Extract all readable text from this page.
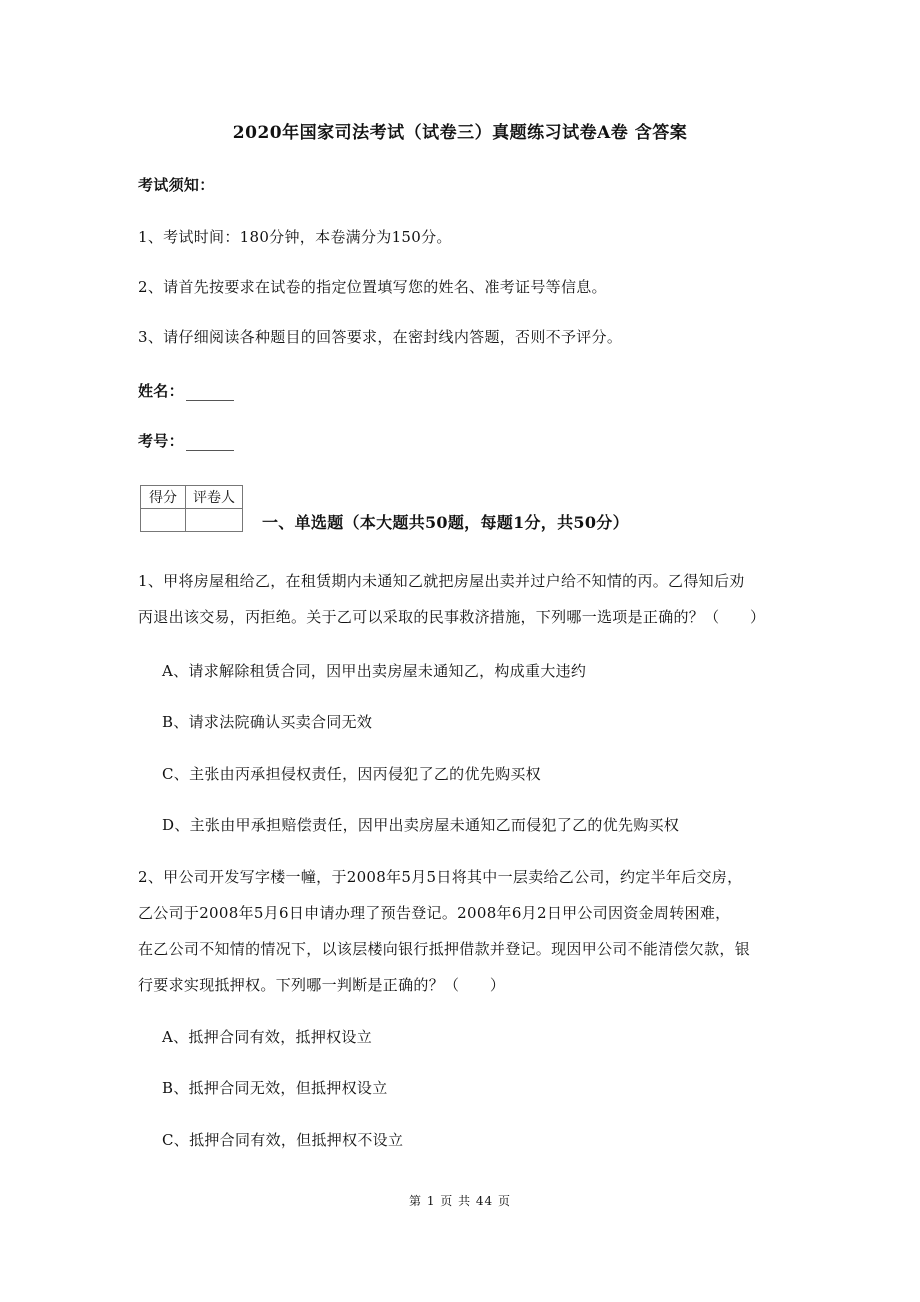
2020年国家司法考试（试卷三）真题练习试卷A卷 含答案
考试须知：
1、考试时间：180分钟，本卷满分为150分。
2、请首先按要求在试卷的指定位置填写您的姓名、准考证号等信息。
3、请仔细阅读各种题目的回答要求，在密封线内答题，否则不予评分。
姓名：
考号：
得分	评卷人

一、单选题（本大题共50题，每题1分，共50分）
1、甲将房屋租给乙，在租赁期内未通知乙就把房屋出卖并过户给不知情的丙。乙得知后劝
丙退出该交易，丙拒绝。关于乙可以采取的民事救济措施，下列哪一选项是正确的？（　　）
A、请求解除租赁合同，因甲出卖房屋未通知乙，构成重大违约
B、请求法院确认买卖合同无效
C、主张由丙承担侵权责任，因丙侵犯了乙的优先购买权
D、主张由甲承担赔偿责任，因甲出卖房屋未通知乙而侵犯了乙的优先购买权
2、甲公司开发写字楼一幢，于2008年5月5日将其中一层卖给乙公司，约定半年后交房，
乙公司于2008年5月6日申请办理了预告登记。2008年6月2日甲公司因资金周转困难，
在乙公司不知情的情况下，以该层楼向银行抵押借款并登记。现因甲公司不能清偿欠款，银
行要求实现抵押权。下列哪一判断是正确的？（　　）
A、抵押合同有效，抵押权设立
B、抵押合同无效，但抵押权设立
C、抵押合同有效，但抵押权不设立
第 1 页 共 44 页
